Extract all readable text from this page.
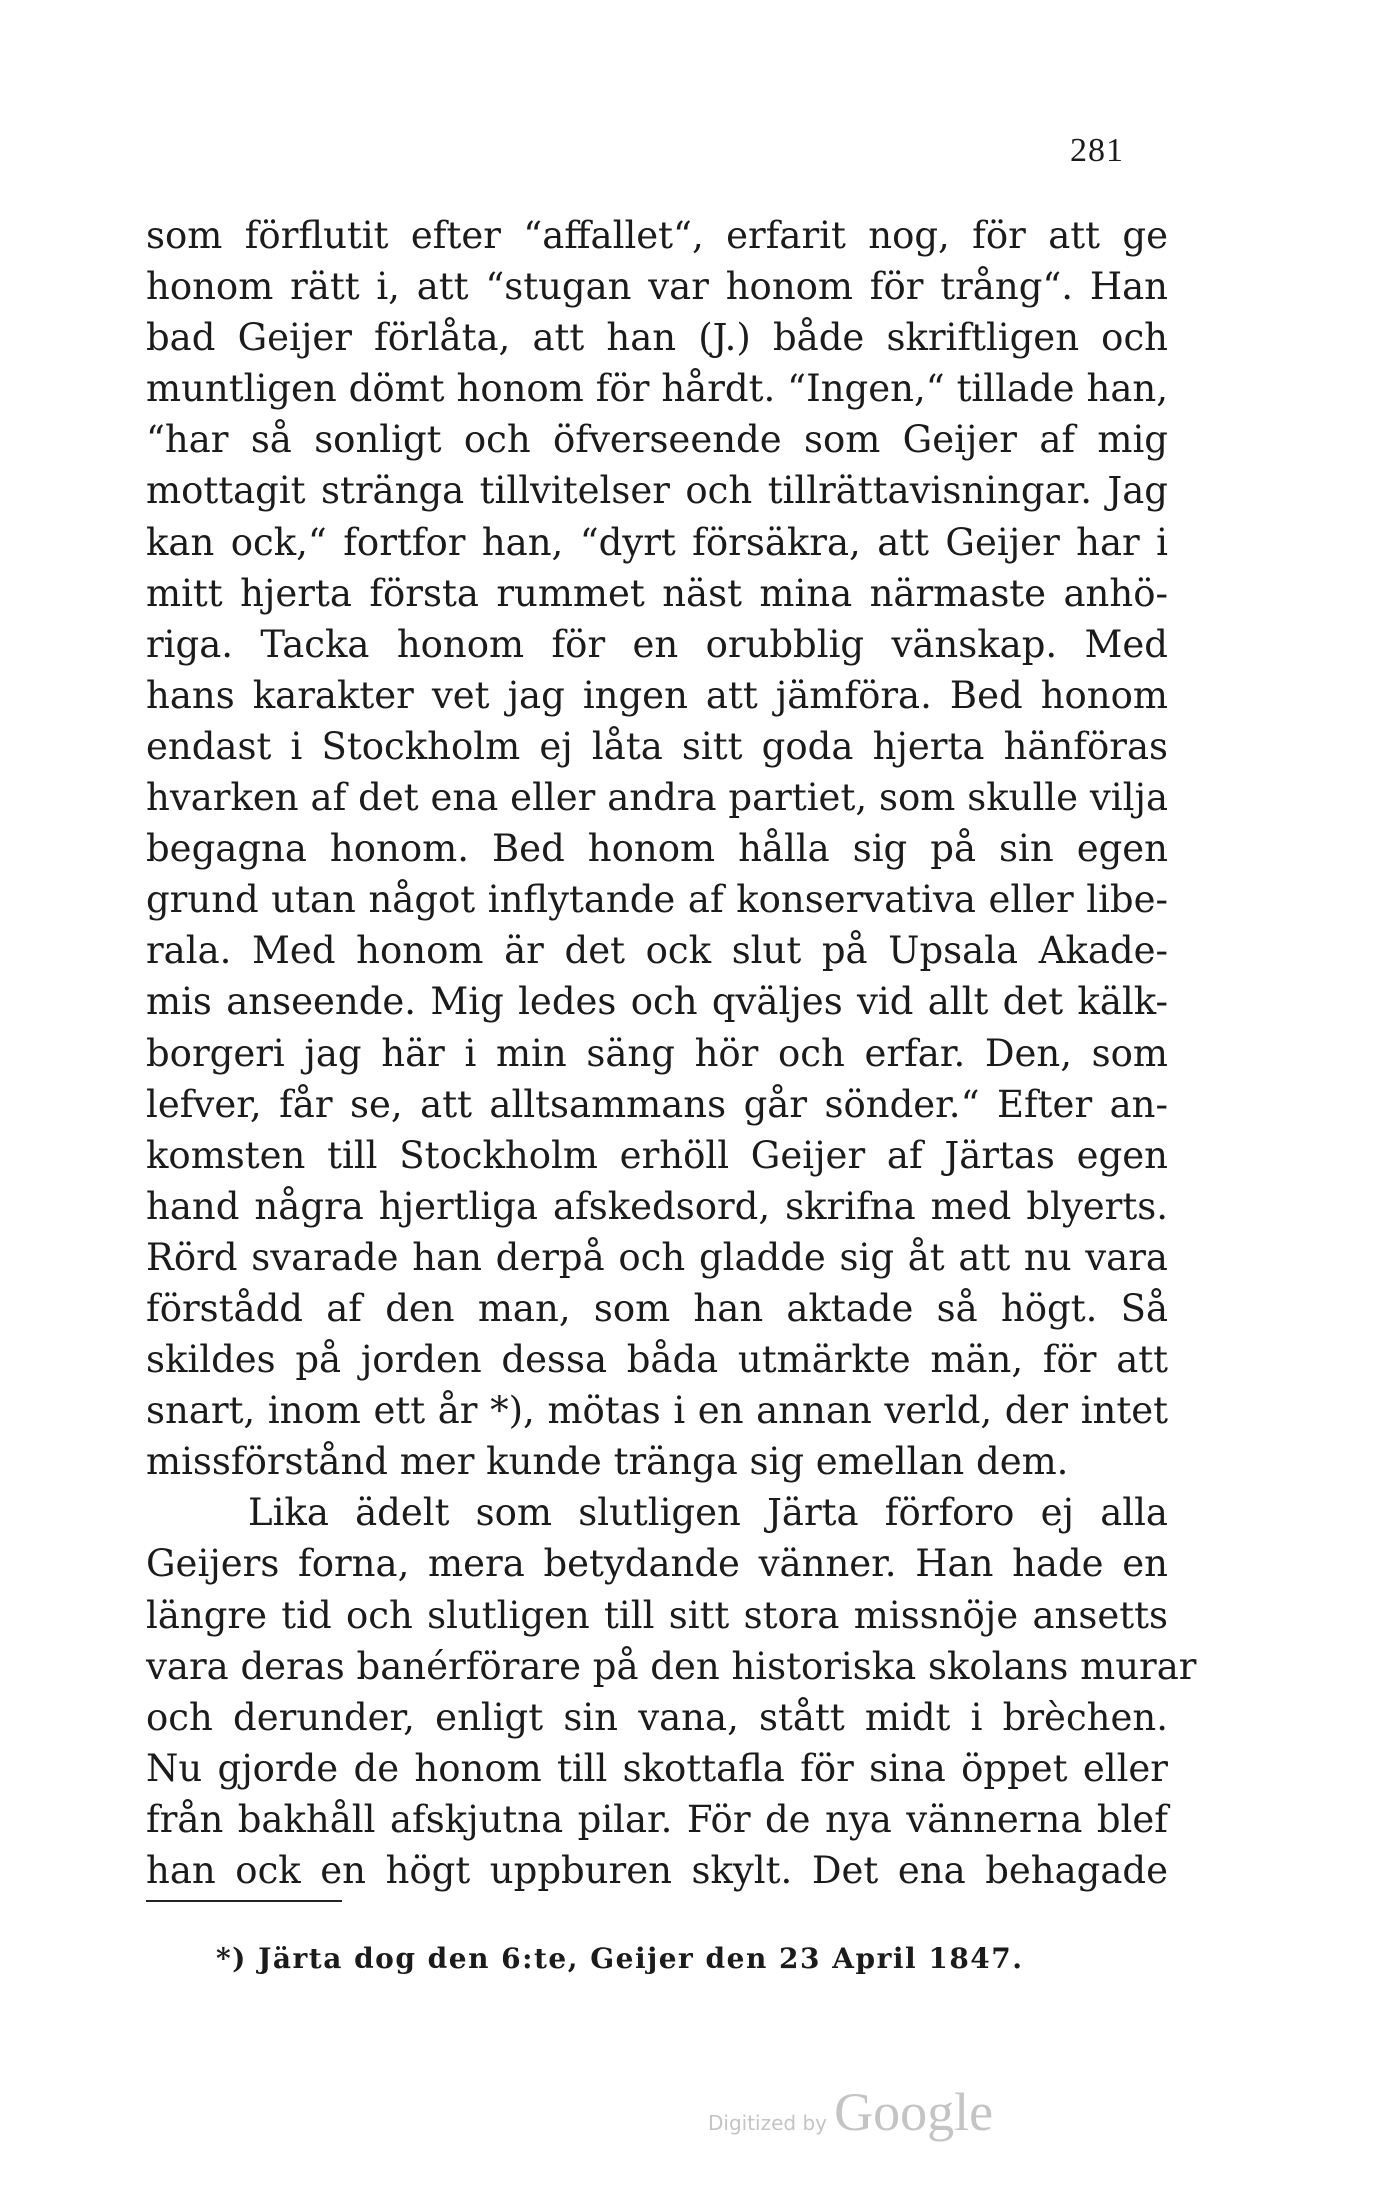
281
som förflutit efter “affallet“, erfarit nog, för att ge
honom rätt i, att “stugan var honom för trång“. Han
bad Geijer förlåta, att han (J.) både skriftligen och
muntligen dömt honom för hårdt. “Ingen,“ tillade han,
“har så sonligt och öfverseende som Geijer af mig
mottagit stränga tillvitelser och tillrättavisningar. Jag
kan ock,“ fortfor han, “dyrt försäkra, att Geijer har i
mitt hjerta första rummet näst mina närmaste anhö-
riga. Tacka honom för en orubblig vänskap. Med
hans karakter vet jag ingen att jämföra. Bed honom
endast i Stockholm ej låta sitt goda hjerta hänföras
hvarken af det ena eller andra partiet, som skulle vilja
begagna honom. Bed honom hålla sig på sin egen
grund utan något inflytande af konservativa eller libe-
rala. Med honom är det ock slut på Upsala Akade-
mis anseende. Mig ledes och qväljes vid allt det kälk-
borgeri jag här i min säng hör och erfar. Den, som
lefver, får se, att alltsammans går sönder.“ Efter an-
komsten till Stockholm erhöll Geijer af Järtas egen
hand några hjertliga afskedsord, skrifna med blyerts.
Rörd svarade han derpå och gladde sig åt att nu vara
förstådd af den man, som han aktade så högt. Så
skildes på jorden dessa båda utmärkte män, för att
snart, inom ett år *), mötas i en annan verld, der intet
missförstånd mer kunde tränga sig emellan dem.
Lika ädelt som slutligen Järta förforo ej alla
Geijers forna, mera betydande vänner. Han hade en
längre tid och slutligen till sitt stora missnöje ansetts
vara deras banérförare på den historiska skolans murar
och derunder, enligt sin vana, stått midt i brèchen.
Nu gjorde de honom till skottafla för sina öppet eller
från bakhåll afskjutna pilar. För de nya vännerna blef
han ock en högt uppburen skylt. Det ena behagade
*) Järta dog den 6:te, Geijer den 23 April 1847.
Digitized by Google
